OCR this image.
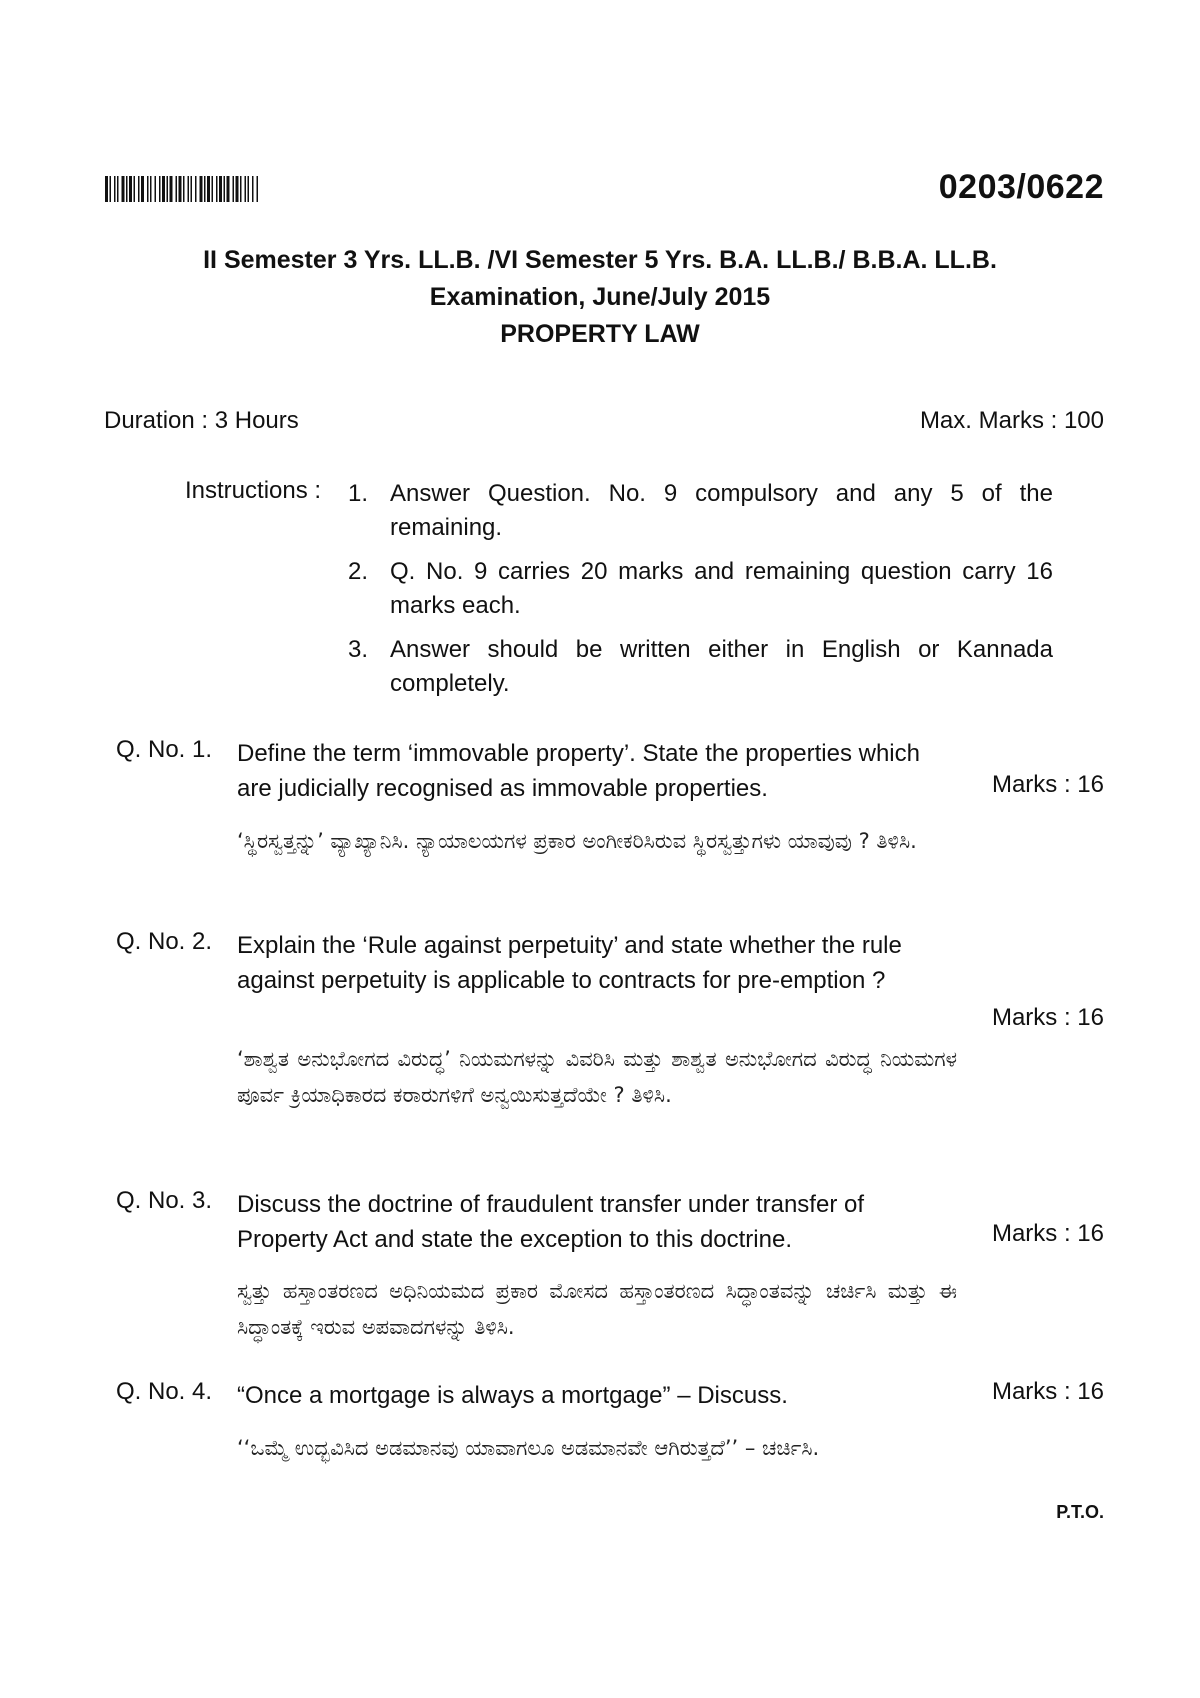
0203/0622
II Semester 3 Yrs. LL.B. /VI Semester 5 Yrs. B.A. LL.B./ B.B.A. LL.B.
Examination, June/July 2015
PROPERTY LAW
Duration : 3 Hours	Max. Marks : 100
Instructions : 1. Answer Question. No. 9 compulsory and any 5 of the remaining.
2. Q. No. 9 carries 20 marks and remaining question carry 16 marks each.
3. Answer should be written either in English or Kannada completely.
Q. No. 1. Define the term ‘immovable property’. State the properties which are judicially recognised as immovable properties.	Marks : 16
‘ಸ್ಥಿರಸ್ವತ್ತನ್ನು’ ವ್ಯಾಖ್ಯಾನಿಸಿ. ನ್ಯಾಯಾಲಯಗಳ ಪ್ರಕಾರ ಅಂಗೀಕರಿಸಿರುವ ಸ್ಥಿರಸ್ವತ್ತುಗಳು ಯಾವುವು ? ತಿಳಿಸಿ.
Q. No. 2. Explain the ‘Rule against perpetuity’ and state whether the rule against perpetuity is applicable to contracts for pre-emption ?
Marks : 16
‘ಶಾಶ್ವತ ಅನುಭೋಗದ ವಿರುದ್ಧ’ ನಿಯಮಗಳನ್ನು ವಿವರಿಸಿ ಮತ್ತು ಶಾಶ್ವತ ಅನುಭೋಗದ ವಿರುದ್ಧ ನಿಯಮಗಳ ಪೂರ್ವ ಕ್ರಿಯಾಧಿಕಾರದ ಕರಾರುಗಳಿಗೆ ಅನ್ವಯಿಸುತ್ತದೆಯೇ ? ತಿಳಿಸಿ.
Q. No. 3. Discuss the doctrine of fraudulent transfer under transfer of Property Act and state the exception to this doctrine.	Marks : 16
ಸ್ವತ್ತು ಹಸ್ತಾಂತರಣದ ಅಧಿನಿಯಮದ ಪ್ರಕಾರ ಮೋಸದ ಹಸ್ತಾಂತರಣದ ಸಿದ್ಧಾಂತವನ್ನು ಚರ್ಚಿಸಿ ಮತ್ತು ಈ ಸಿದ್ಧಾಂತಕ್ಕೆ ಇರುವ ಅಪವಾದಗಳನ್ನು ತಿಳಿಸಿ.
Q. No. 4. “Once a mortgage is always a mortgage” – Discuss.	Marks : 16
‘‘ಒಮ್ಮೆ ಉದ್ಭವಿಸಿದ ಅಡಮಾನವು ಯಾವಾಗಲೂ ಅಡಮಾನವೇ ಆಗಿರುತ್ತದೆ’’ – ಚರ್ಚಿಸಿ.
P.T.O.
